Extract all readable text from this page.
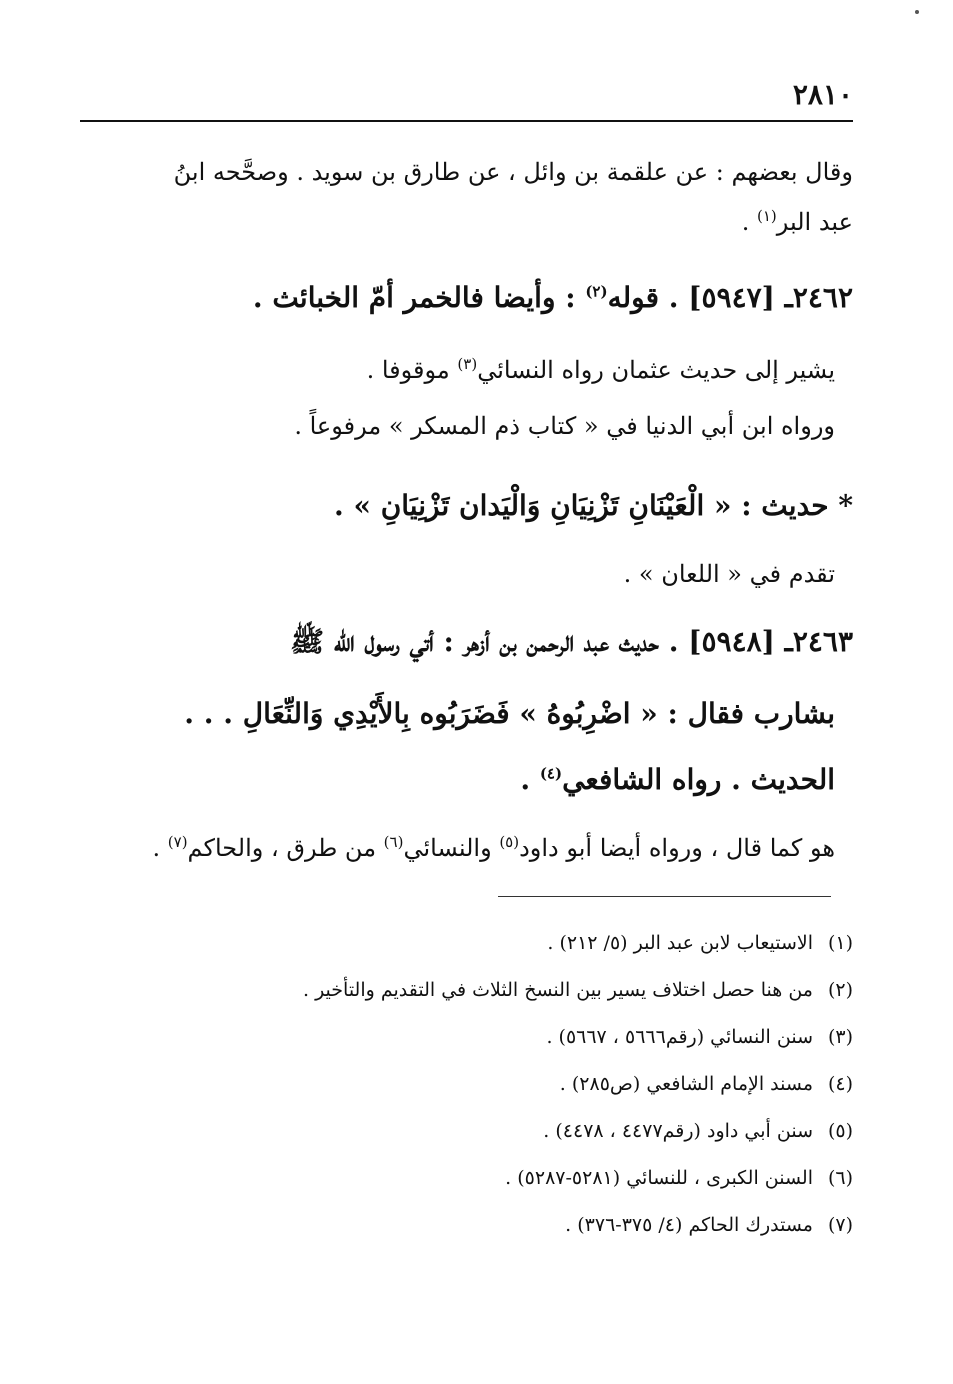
٢٨١٠

وقال بعضهم : عن علقمة بن وائل ، عن طارق بن سويد . وصحَّحه ابنُ

عبد البر$^{(١)}$ .

٢٤٦٢ـ [٥٩٤٧] . قوله$^{(٢)}$ : وأيضا فالخمر أمّ الخبائث .

يشير إلى حديث عثمان رواه النسائي$^{(٣)}$ موقوفا .

ورواه ابن أبي الدنيا في « كتاب ذم المسكر » مرفوعاً .

* حديث : « الْعَيْنَانِ تَزْنِيَانِ وَالْيَدان تَزْنِيَانِ » .

تقدم في « اللعان » .

٢٤٦٣ـ [٥٩٤٨] . حديث عبد الرحمن بن أزهر : أتي رسول الله ﷺ

بشارب فقال : « اضْرِبُوهُ » فَضَرَبُوه بِالأَيْدِي وَالنِّعَالِ . . .

الحديث . رواه الشافعي$^{(٤)}$ .

هو كما قال ، ورواه أيضا أبو داود$^{(٥)}$ والنسائي$^{(٦)}$ من طرق ، والحاكم$^{(٧)}$ .

(١)الاستيعاب لابن عبد البر (٥/ ٢١٢) .
(٢)من هنا حصل اختلاف يسير بين النسخ الثلاث في التقديم والتأخير .
(٣)سنن النسائي (رقم٥٦٦٦ ، ٥٦٦٧) .
(٤)مسند الإمام الشافعي (ص٢٨٥) .
(٥)سنن أبي داود (رقم٤٤٧٧ ، ٤٤٧٨) .
(٦)السنن الكبرى ، للنسائي (٥٢٨١-٥٢٨٧) .
(٧)مستدرك الحاكم (٤/ ٣٧٥-٣٧٦) .
